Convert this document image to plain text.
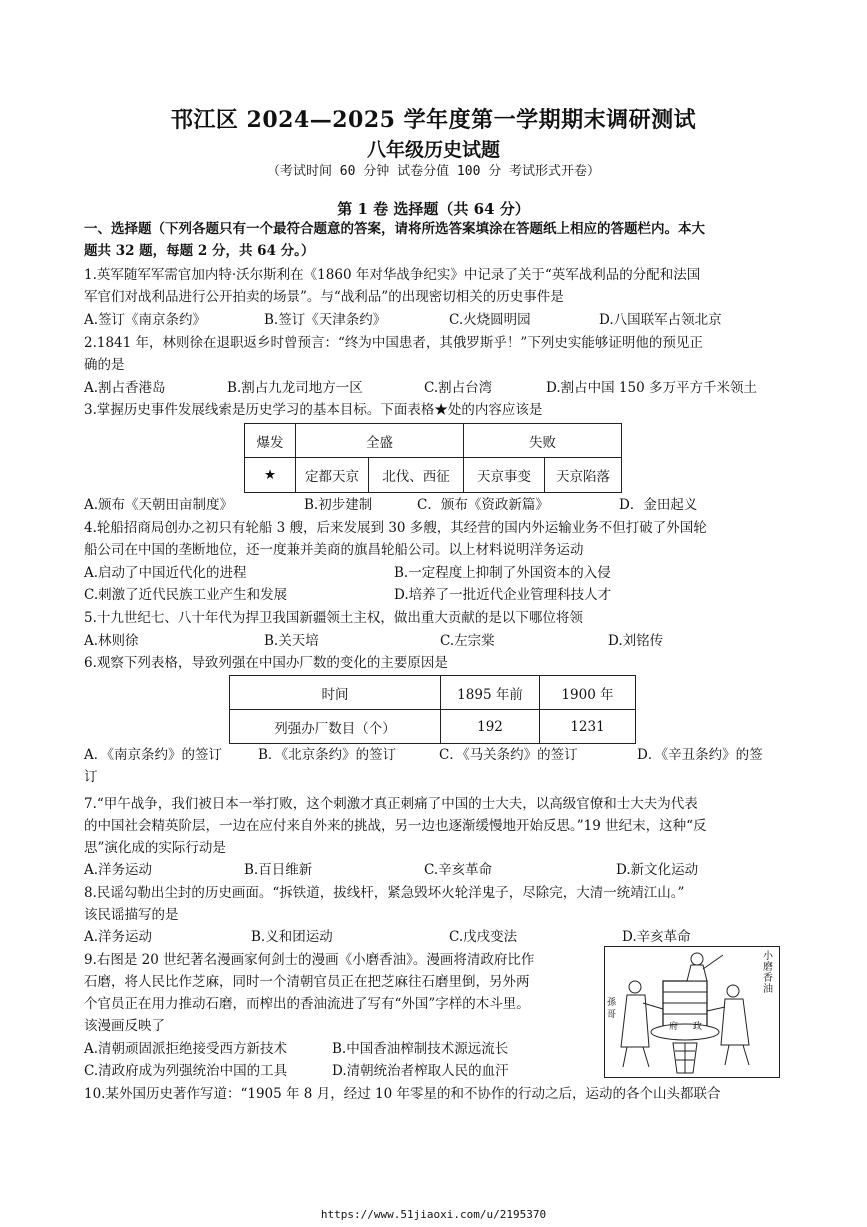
邗江区 2024—2025 学年度第一学期期末调研测试
八年级历史试题
（考试时间 60 分钟 试卷分值 100 分 考试形式开卷）
第 1 卷 选择题（共 64 分）
一、选择题（下列各题只有一个最符合题意的答案，请将所选答案填涂在答题纸上相应的答题栏内。本大
题共 32 题，每题 2 分，共 64 分。）
1.英军随军军需官加内特·沃尔斯利在《1860 年对华战争纪实》中记录了关于“英军战利品的分配和法国
军官们对战利品进行公开拍卖的场景”。与“战利品”的出现密切相关的历史事件是
A.签订《南京条约》	B.签订《天津条约》	C.火烧圆明园	D.八国联军占领北京
2.1841 年，林则徐在退职返乡时曾预言：“终为中国患者，其俄罗斯乎！”下列史实能够证明他的预见正
确的是
A.割占香港岛	B.割占九龙司地方一区	C.割占台湾	D.割占中国 150 多万平方千米领土
3.掌握历史事件发展线索是历史学习的基本目标。下面表格★处的内容应该是
爆发	全盛		失败	
★	定都天京	北伐、西征	天京事变	天京陷落
A.颁布《天朝田亩制度》	B.初步建制	C．颁布《资政新篇》	D．金田起义
4.轮船招商局创办之初只有轮船 3 艘，后来发展到 30 多艘，其经营的国内外运输业务不但打破了外国轮
船公司在中国的垄断地位，还一度兼并美商的旗昌轮船公司。以上材料说明洋务运动
A.启动了中国近代化的进程	B.一定程度上抑制了外国资本的入侵
C.刺激了近代民族工业产生和发展	D.培养了一批近代企业管理科技人才
5.十九世纪七、八十年代为捍卫我国新疆领土主权，做出重大贡献的是以下哪位将领
A.林则徐	B.关天培	C.左宗棠	D.刘铭传
6.观察下列表格，导致列强在中国办厂数的变化的主要原因是
时间	1895 年前	1900 年
列强办厂数目（个）	192	1231
A．《南京条约》的签订	B．《北京条约》的签订	C．《马关条约》的签订	D．《辛丑条约》的签
订
7.“甲午战争，我们被日本一举打败，这个刺激才真正刺痛了中国的士大夫，以高级官僚和士大夫为代表
的中国社会精英阶层，一边在应付来自外来的挑战，另一边也逐渐缓慢地开始反思。”19 世纪末，这种“反
思”演化成的实际行动是
A.洋务运动	B.百日维新	C.辛亥革命	D.新文化运动
8.民谣勾勒出尘封的历史画面。“拆铁道，拔线杆，紧急毁坏火轮洋鬼子，尽除完，大清一统靖江山。”
该民谣描写的是
A.洋务运动	B.义和团运动	C.戊戌变法	D.辛亥革命
9.右图是 20 世纪著名漫画家何剑士的漫画《小磨香油》。漫画将清政府比作
石磨，将人民比作芝麻，同时一个清朝官员正在把芝麻往石磨里倒，另外两
个官员正在用力推动石磨，而榨出的香油流进了写有“外国”字样的木斗里。
该漫画反映了
A.清朝顽固派拒绝接受西方新技术	B.中国香油榨制技术源远流长
C.清政府成为列强统治中国的工具	D.清朝统治者榨取人民的血汗
小磨香油
孫
哥
府 政
10.某外国历史著作写道：“1905 年 8 月，经过 10 年零星的和不协作的行动之后，运动的各个山头都联合
https://www.51jiaoxi.com/u/2195370
